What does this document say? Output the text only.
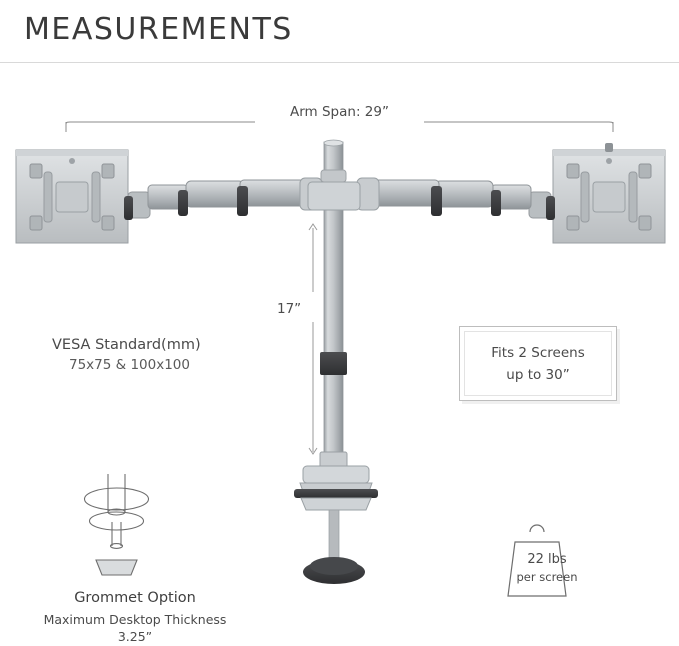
MEASUREMENTS
Arm Span: 29”
17”
VESA Standard(mm)
75x75 & 100x100
Fits 2 Screens
up to 30”
Grommet Option
Maximum Desktop Thickness
3.25”
22 lbs
per screen
